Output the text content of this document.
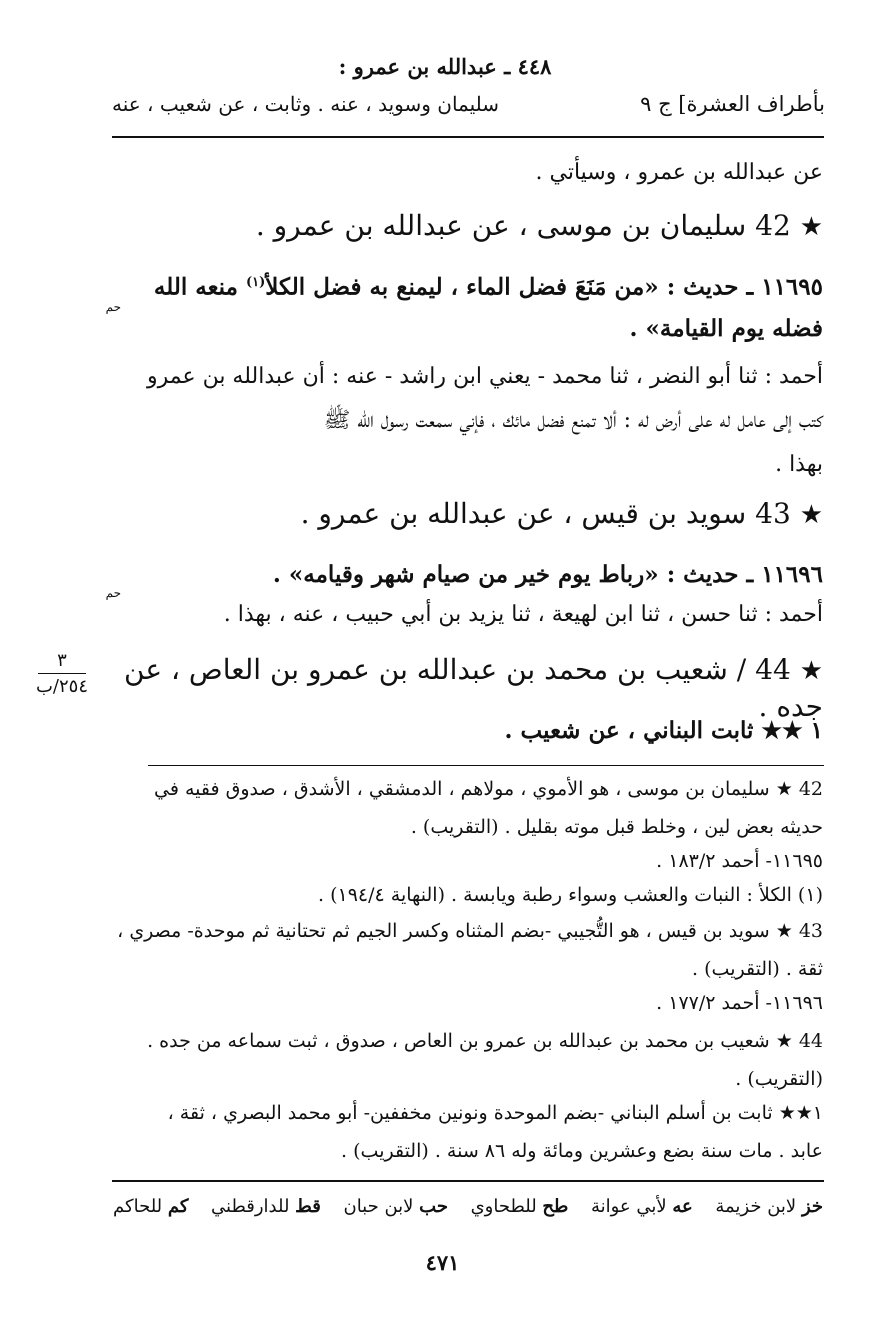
٤٤٨ ـ عبدالله بن عمرو :
بأطراف العشرة] ج ٩
سليمان وسويد ، عنه . وثابت ، عن شعيب ، عنه
عن عبدالله بن عمرو ، وسيأتي .
★ 42 سليمان بن موسى ، عن عبدالله بن عمرو .
١١٦٩٥ ـ حديث : «من مَنَعَ فضل الماء ، ليمنع به فضل الكلأ$^{(١)}$ منعه الله
حم
فضله يوم القيامة» .
أحمد : ثنا أبو النضر ، ثنا محمد - يعني ابن راشد - عنه : أن عبدالله بن عمرو
كتب إلى عامل له على أرض له : ألا تمنع فضل مائك ، فإني سمعت رسول الله ﷺ
بهذا .
★ 43 سويد بن قيس ، عن عبدالله بن عمرو .
١١٦٩٦ ـ حديث : «رباط يوم خير من صيام شهر وقيامه» .
حم
أحمد : ثنا حسن ، ثنا ابن لهيعة ، ثنا يزيد بن أبي حبيب ، عنه ، بهذا .
★ 44 / شعيب بن محمد بن عبدالله بن عمرو بن العاص ، عن جده .
٣
٢٥٤/ب
١ ★★ ثابت البناني ، عن شعيب .
42 ★ سليمان بن موسى ، هو الأموي ، مولاهم ، الدمشقي ، الأشدق ، صدوق فقيه في
حديثه بعض لين ، وخلط قبل موته بقليل . (التقريب) .
١١٦٩٥- أحمد ١٨٣/٢ .
(١) الكلأ : النبات والعشب وسواء رطبة ويابسة . (النهاية ١٩٤/٤) .
43 ★ سويد بن قيس ، هو التُّجيبي -بضم المثناه وكسر الجيم ثم تحتانية ثم موحدة- مصري ،
ثقة . (التقريب) .
١١٦٩٦- أحمد ١٧٧/٢ .
44 ★ شعيب بن محمد بن عبدالله بن عمرو بن العاص ، صدوق ، ثبت سماعه من جده .
(التقريب) .
١★★ ثابت بن أسلم البناني -بضم الموحدة ونونين مخففين- أبو محمد البصري ، ثقة ،
عابد . مات سنة بضع وعشرين ومائة وله ٨٦ سنة . (التقريب) .
خز لابن خزيمة
عه لأبي عوانة
طح للطحاوي
حب لابن حبان
قط للدارقطني
كم للحاكم
٤٧١
